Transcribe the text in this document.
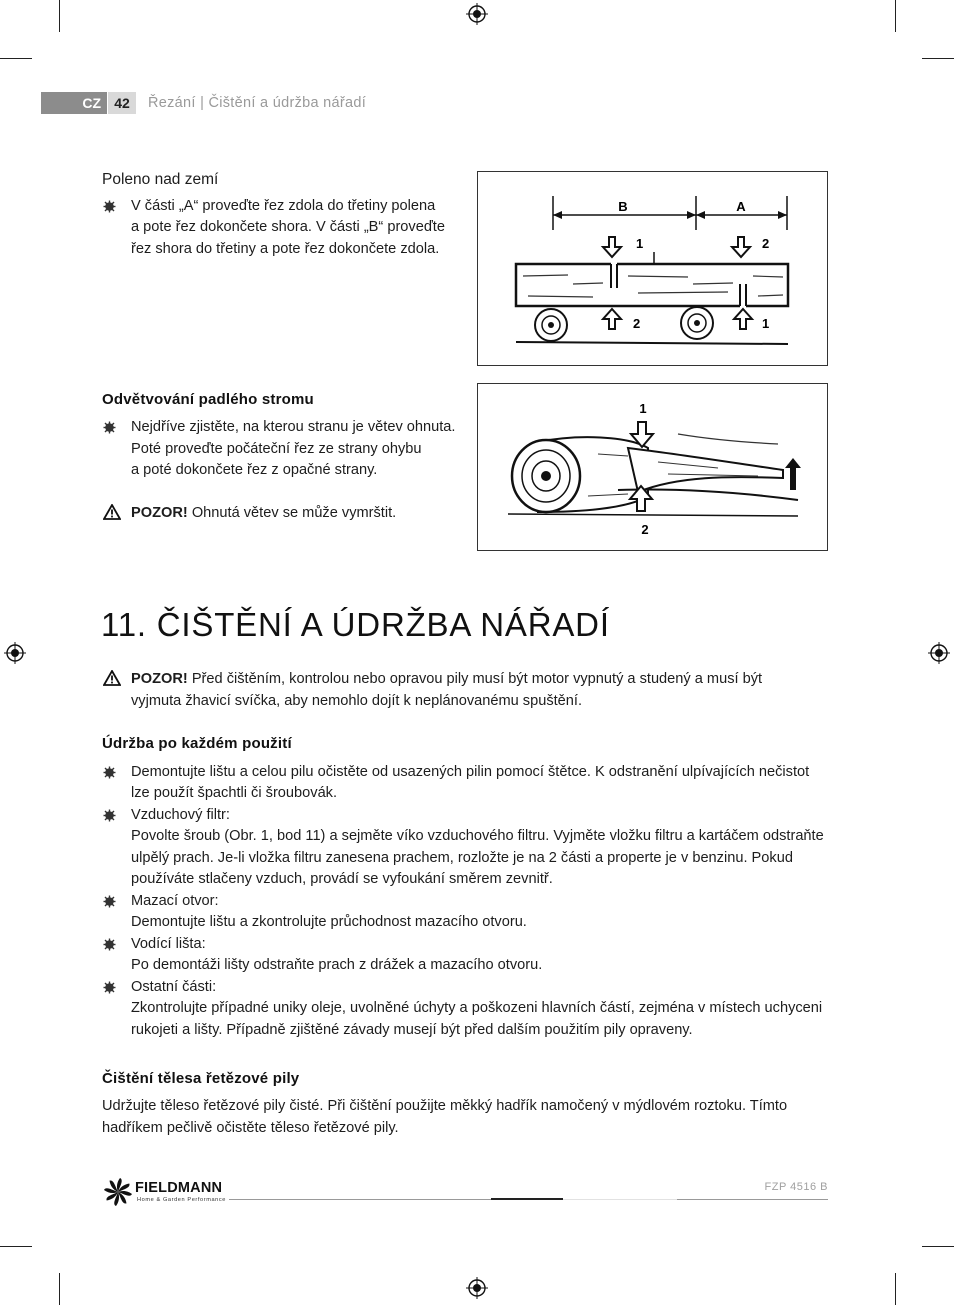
CZ 42	Řezání | Čištění a údržba nářadí
Poleno nad zemí
V části „A“ proveďte řez zdola do třetiny polena
a pote řez dokončete shora. V části „B“ proveďte
řez shora do třetiny a pote řez dokončete zdola.
B	A
1	2
2	1
Odvětvování padlého stromu
Nejdříve zjistěte, na kterou stranu je větev ohnuta.
Poté proveďte počáteční řez ze strany ohybu
a poté dokončete řez z opačné strany.
POZOR! Ohnutá větev se může vymrštit.
1
2
11. ČIŠTĚNÍ A ÚDRŽBA NÁŘADÍ
POZOR! Před čištěním, kontrolou nebo opravou pily musí být motor vypnutý a studený a musí být
vyjmuta žhavicí svíčka, aby nemohlo dojít k neplánovanému spuštění.
Údržba po každém použití
Demontujte lištu a celou pilu očistěte od usazených pilin pomocí štětce. K odstranění ulpívajících nečistot
lze použít špachtli či šroubovák.
Vzduchový filtr:
Povolte šroub (Obr. 1, bod 11) a sejměte víko vzduchového filtru. Vyjměte vložku filtru a kartáčem odstraňte
ulpělý prach. Je-li vložka filtru zanesena prachem, rozložte je na 2 části a properte je v benzinu. Pokud
používáte stlačeny vzduch, provádí se vyfoukání směrem zevnitř.
Mazací otvor:
Demontujte lištu a zkontrolujte průchodnost mazacího otvoru.
Vodící lišta:
Po demontáži lišty odstraňte prach z drážek a mazacího otvoru.
Ostatní části:
Zkontrolujte případné uniky oleje, uvolněné úchyty a poškozeni hlavních částí, zejména v místech uchyceni
rukojeti a lišty. Případně zjištěné závady musejí být před dalším použitím pily opraveny.
Čištění tělesa řetězové pily
Udržujte těleso řetězové pily čisté. Při čištění použijte měkký hadřík namočený v mýdlovém roztoku. Tímto
hadříkem pečlivě očistěte těleso řetězové pily.
FIELDMANN
Home & Garden Performance
FZP 4516 B
